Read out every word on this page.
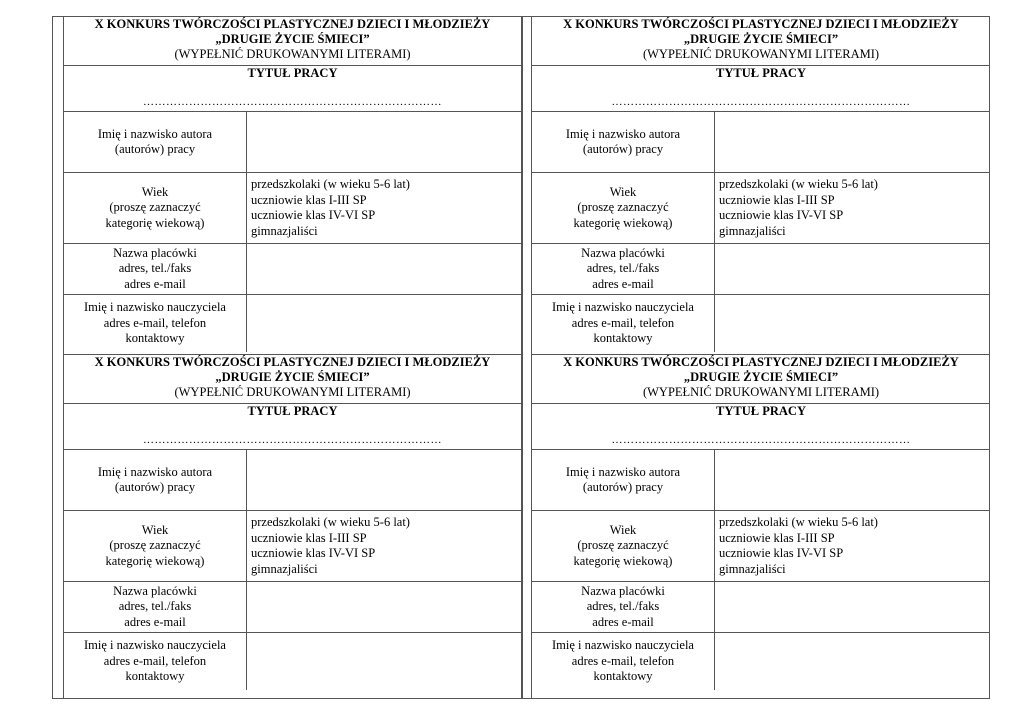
X KONKURS TWÓRCZOŚCI PLASTYCZNEJ DZIECI I MŁODZIEŻY
„DRUGIE ŻYCIE ŚMIECI”
(WYPEŁNIĆ DRUKOWANYMI LITERAMI)
TYTUŁ PRACY
……………………………………………………………………
Imię i nazwisko autora
(autorów) pracy	

Wiek
(proszę zaznaczyć
kategorię wiekową)	przedszkolaki (w wieku 5-6 lat)
uczniowie klas I-III SP
uczniowie klas IV-VI SP
gimnazjaliści

Nazwa placówki
adres, tel./faks
adres e-mail	

Imię i nazwisko nauczyciela
adres e-mail, telefon
kontaktowy	

X KONKURS TWÓRCZOŚCI PLASTYCZNEJ DZIECI I MŁODZIEŻY
„DRUGIE ŻYCIE ŚMIECI”
(WYPEŁNIĆ DRUKOWANYMI LITERAMI)
TYTUŁ PRACY
……………………………………………………………………
Imię i nazwisko autora
(autorów) pracy	

Wiek
(proszę zaznaczyć
kategorię wiekową)	przedszkolaki (w wieku 5-6 lat)
uczniowie klas I-III SP
uczniowie klas IV-VI SP
gimnazjaliści

Nazwa placówki
adres, tel./faks
adres e-mail	

Imię i nazwisko nauczyciela
adres e-mail, telefon
kontaktowy	

X KONKURS TWÓRCZOŚCI PLASTYCZNEJ DZIECI I MŁODZIEŻY
„DRUGIE ŻYCIE ŚMIECI”
(WYPEŁNIĆ DRUKOWANYMI LITERAMI)
TYTUŁ PRACY
……………………………………………………………………
Imię i nazwisko autora
(autorów) pracy	

Wiek
(proszę zaznaczyć
kategorię wiekową)	przedszkolaki (w wieku 5-6 lat)
uczniowie klas I-III SP
uczniowie klas IV-VI SP
gimnazjaliści

Nazwa placówki
adres, tel./faks
adres e-mail	

Imię i nazwisko nauczyciela
adres e-mail, telefon
kontaktowy	

X KONKURS TWÓRCZOŚCI PLASTYCZNEJ DZIECI I MŁODZIEŻY
„DRUGIE ŻYCIE ŚMIECI”
(WYPEŁNIĆ DRUKOWANYMI LITERAMI)
TYTUŁ PRACY
……………………………………………………………………
Imię i nazwisko autora
(autorów) pracy	

Wiek
(proszę zaznaczyć
kategorię wiekową)	przedszkolaki (w wieku 5-6 lat)
uczniowie klas I-III SP
uczniowie klas IV-VI SP
gimnazjaliści

Nazwa placówki
adres, tel./faks
adres e-mail	

Imię i nazwisko nauczyciela
adres e-mail, telefon
kontaktowy	
